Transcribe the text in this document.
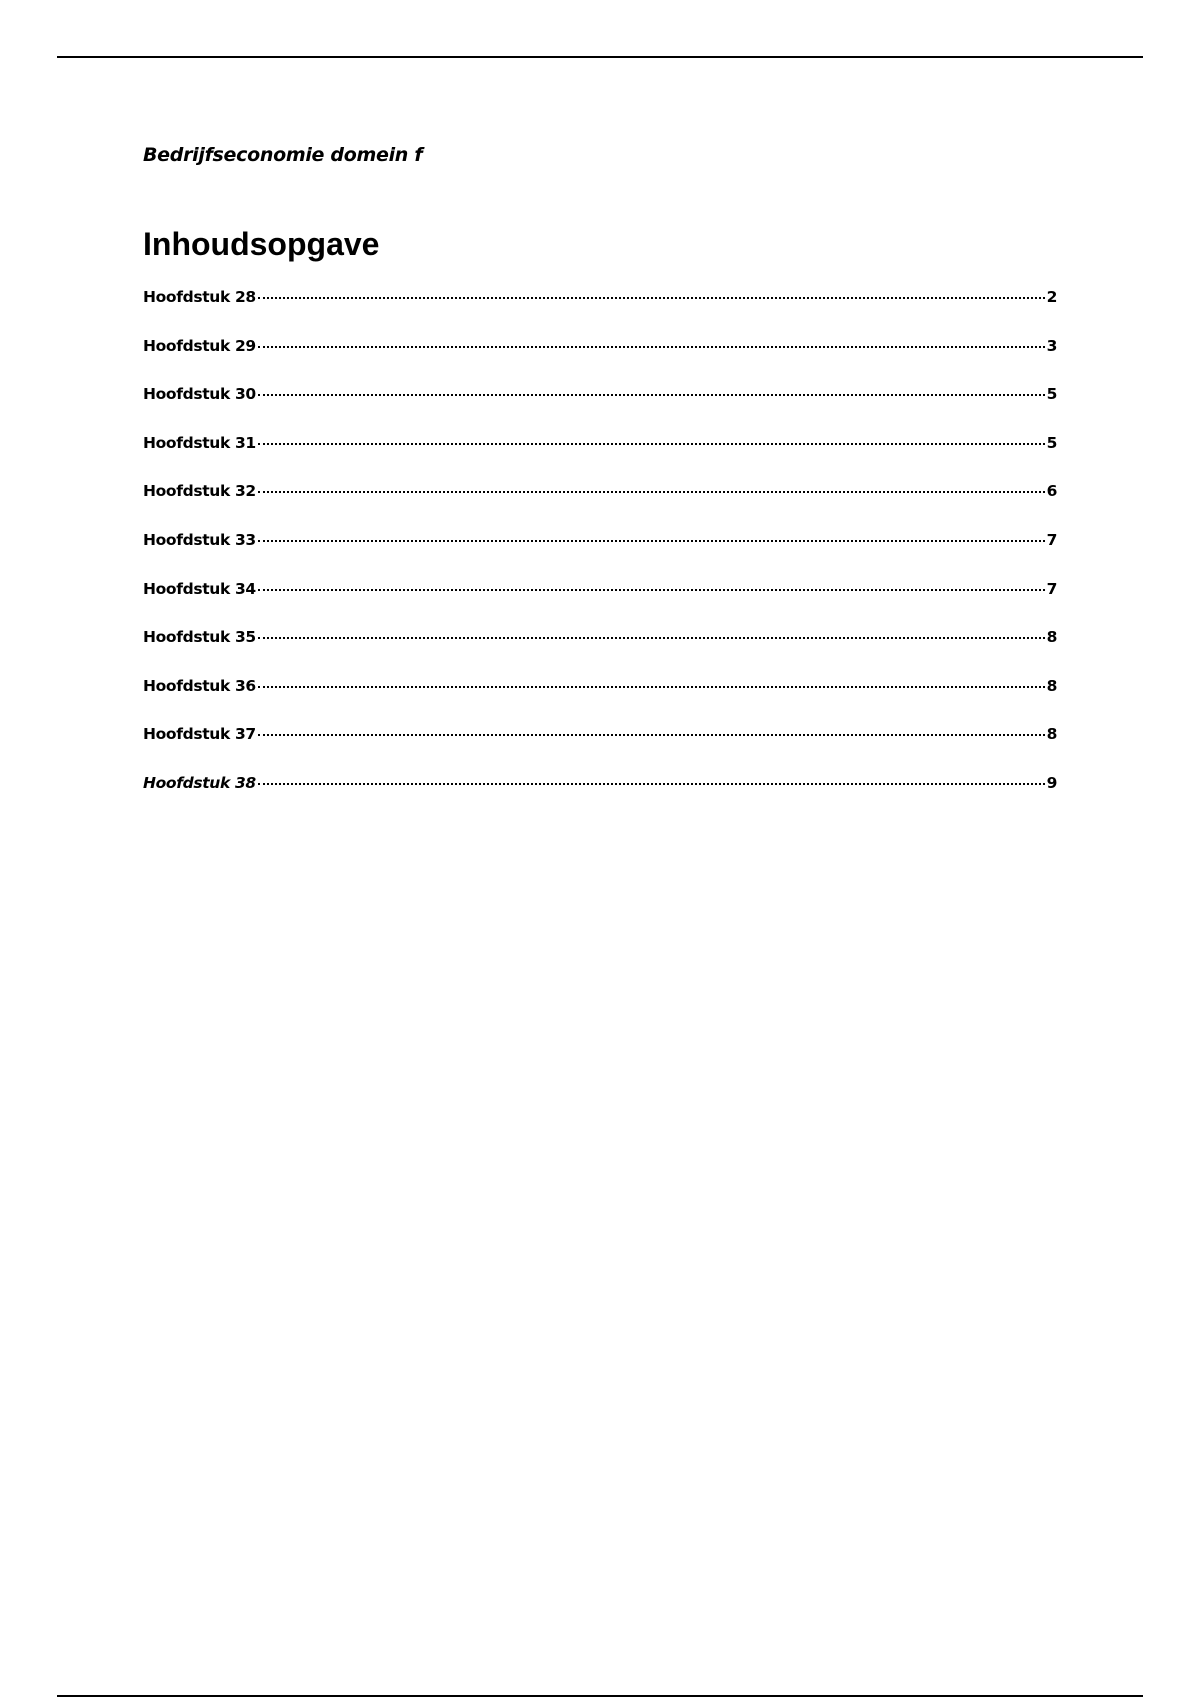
Bedrijfseconomie domein f
Inhoudsopgave
Hoofdstuk 28	2
Hoofdstuk 29	3
Hoofdstuk 30	5
Hoofdstuk 31	5
Hoofdstuk 32	6
Hoofdstuk 33	7
Hoofdstuk 34	7
Hoofdstuk 35	8
Hoofdstuk 36	8
Hoofdstuk 37	8
Hoofdstuk 38	9
